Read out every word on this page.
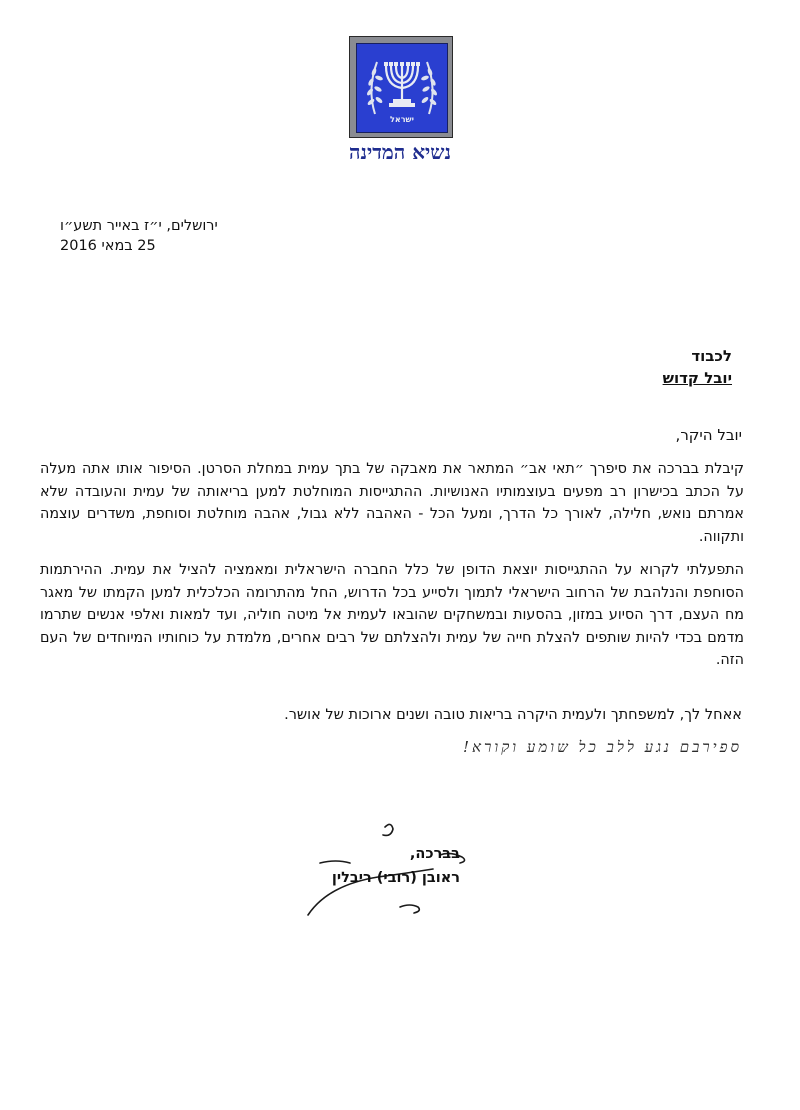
ישראל
נשיא המדינה
ירושלים, י״ז באייר תשע״ו
25 במאי 2016
לכבוד
יובל קדוש
יובל היקר,

קיבלת בברכה את סיפרך ״תאי אב״ המתאר את מאבקה של בתך עמית במחלת הסרטן. הסיפור אותו אתה מעלה על הכתב בכישרון רב מפעים בעוצמותיו האנושיות. ההתגייסות המוחלטת למען בריאותה של עמית והעובדה שלא אמרתם נואש, חלילה, לאורך כל הדרך, ומעל הכל - האהבה ללא גבול, אהבה מוחלטת וסוחפת, משדרים עוצמה ותקווה.

התפעלתי לקרוא על ההתגייסות יוצאת הדופן של כלל החברה הישראלית ומאמציה להציל את עמית. ההירתמות הסוחפת והנלהבת של הרחוב הישראלי לתמוך ולסייע בכל הדרוש, החל מהתרומה הכלכלית למען הקמתו של מאגר מח העצם, דרך הסיוע במזון, בהסעות ובמשחקים שהובאו לעמית אל מיטה חוליה, ועד למאות ואלפי אנשים שתרמו מדמם בכדי להיות שותפים להצלת חייה של עמית ולהצלתם של רבים אחרים, מלמדת על כוחותיו המיוחדים של העם הזה.

אאחל לך, למשפחתך ולעמית היקרה בריאות טובה ושנים ארוכות של אושר.
ספירבם נגע ללב כל שומע וקורא!
בברכה,
ראובן (רובי) ריבלין
